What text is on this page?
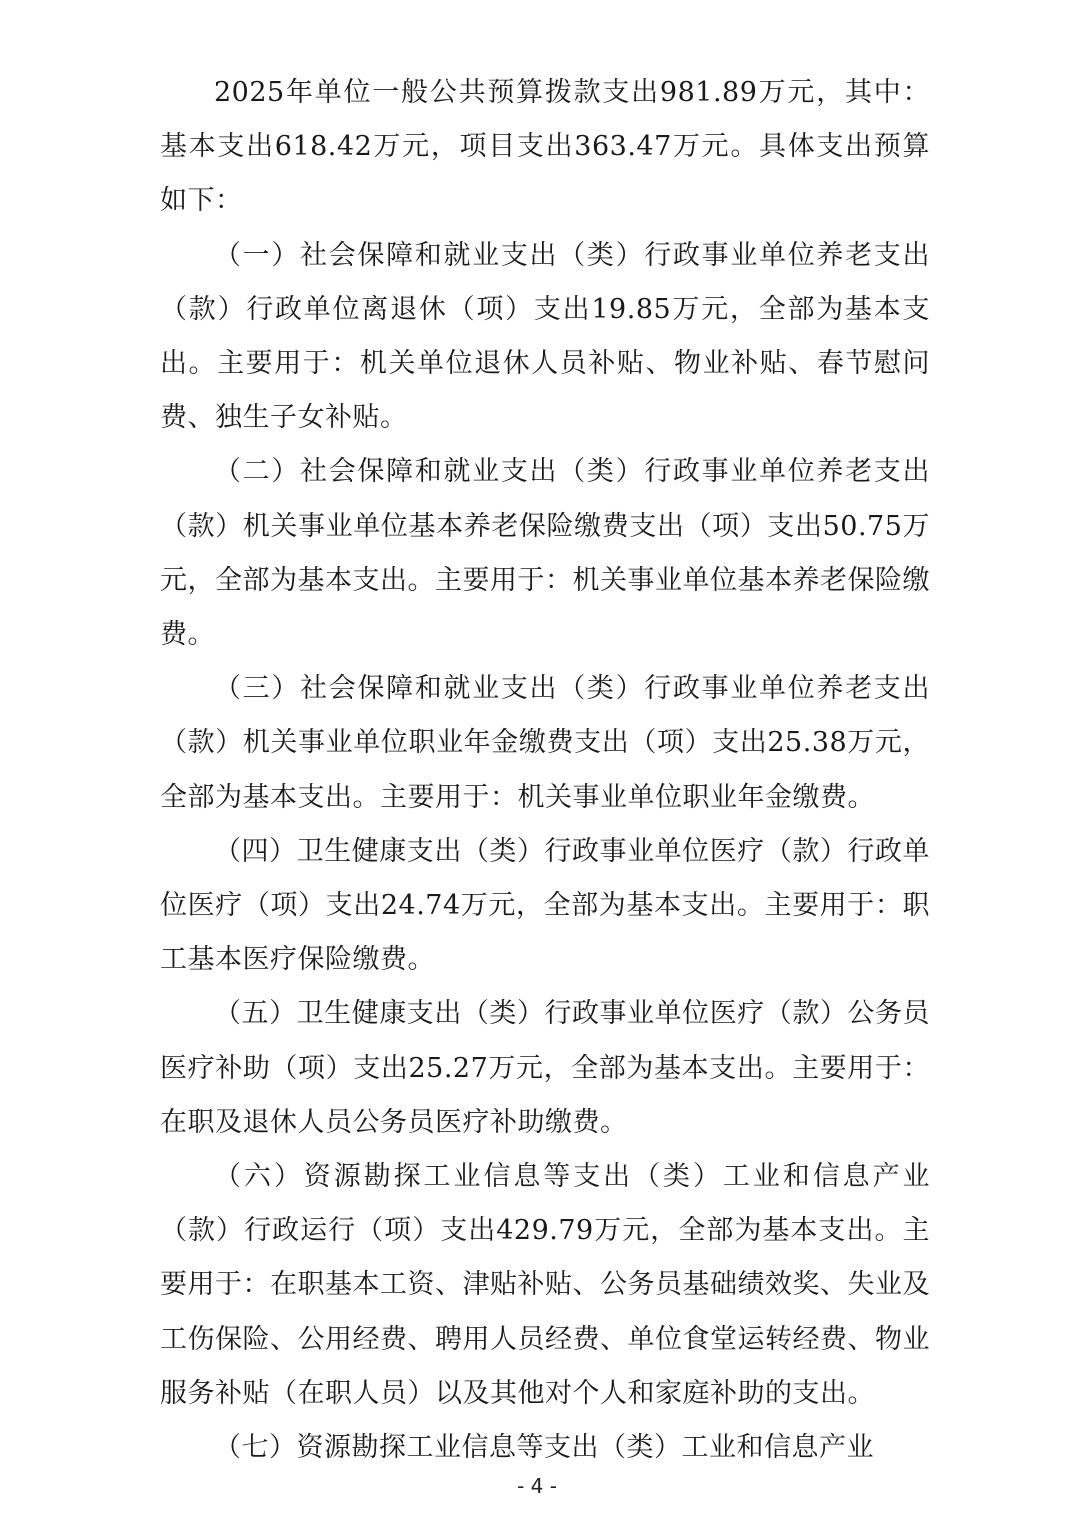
2025年单位一般公共预算拨款支出981.89万元，其中：基本支出618.42万元，项目支出363.47万元。具体支出预算如下：

（一）社会保障和就业支出（类）行政事业单位养老支出（款）行政单位离退休（项）支出19.85万元，全部为基本支出。主要用于：机关单位退休人员补贴、物业补贴、春节慰问费、独生子女补贴。

（二）社会保障和就业支出（类）行政事业单位养老支出（款）机关事业单位基本养老保险缴费支出（项）支出50.75万元，全部为基本支出。主要用于：机关事业单位基本养老保险缴费。

（三）社会保障和就业支出（类）行政事业单位养老支出（款）机关事业单位职业年金缴费支出（项）支出25.38万元，全部为基本支出。主要用于：机关事业单位职业年金缴费。

（四）卫生健康支出（类）行政事业单位医疗（款）行政单位医疗（项）支出24.74万元，全部为基本支出。主要用于：职工基本医疗保险缴费。

（五）卫生健康支出（类）行政事业单位医疗（款）公务员医疗补助（项）支出25.27万元，全部为基本支出。主要用于：在职及退休人员公务员医疗补助缴费。

（六）资源勘探工业信息等支出（类）工业和信息产业（款）行政运行（项）支出429.79万元，全部为基本支出。主要用于：在职基本工资、津贴补贴、公务员基础绩效奖、失业及工伤保险、公用经费、聘用人员经费、单位食堂运转经费、物业服务补贴（在职人员）以及其他对个人和家庭补助的支出。

（七）资源勘探工业信息等支出（类）工业和信息产业

- 4 -
